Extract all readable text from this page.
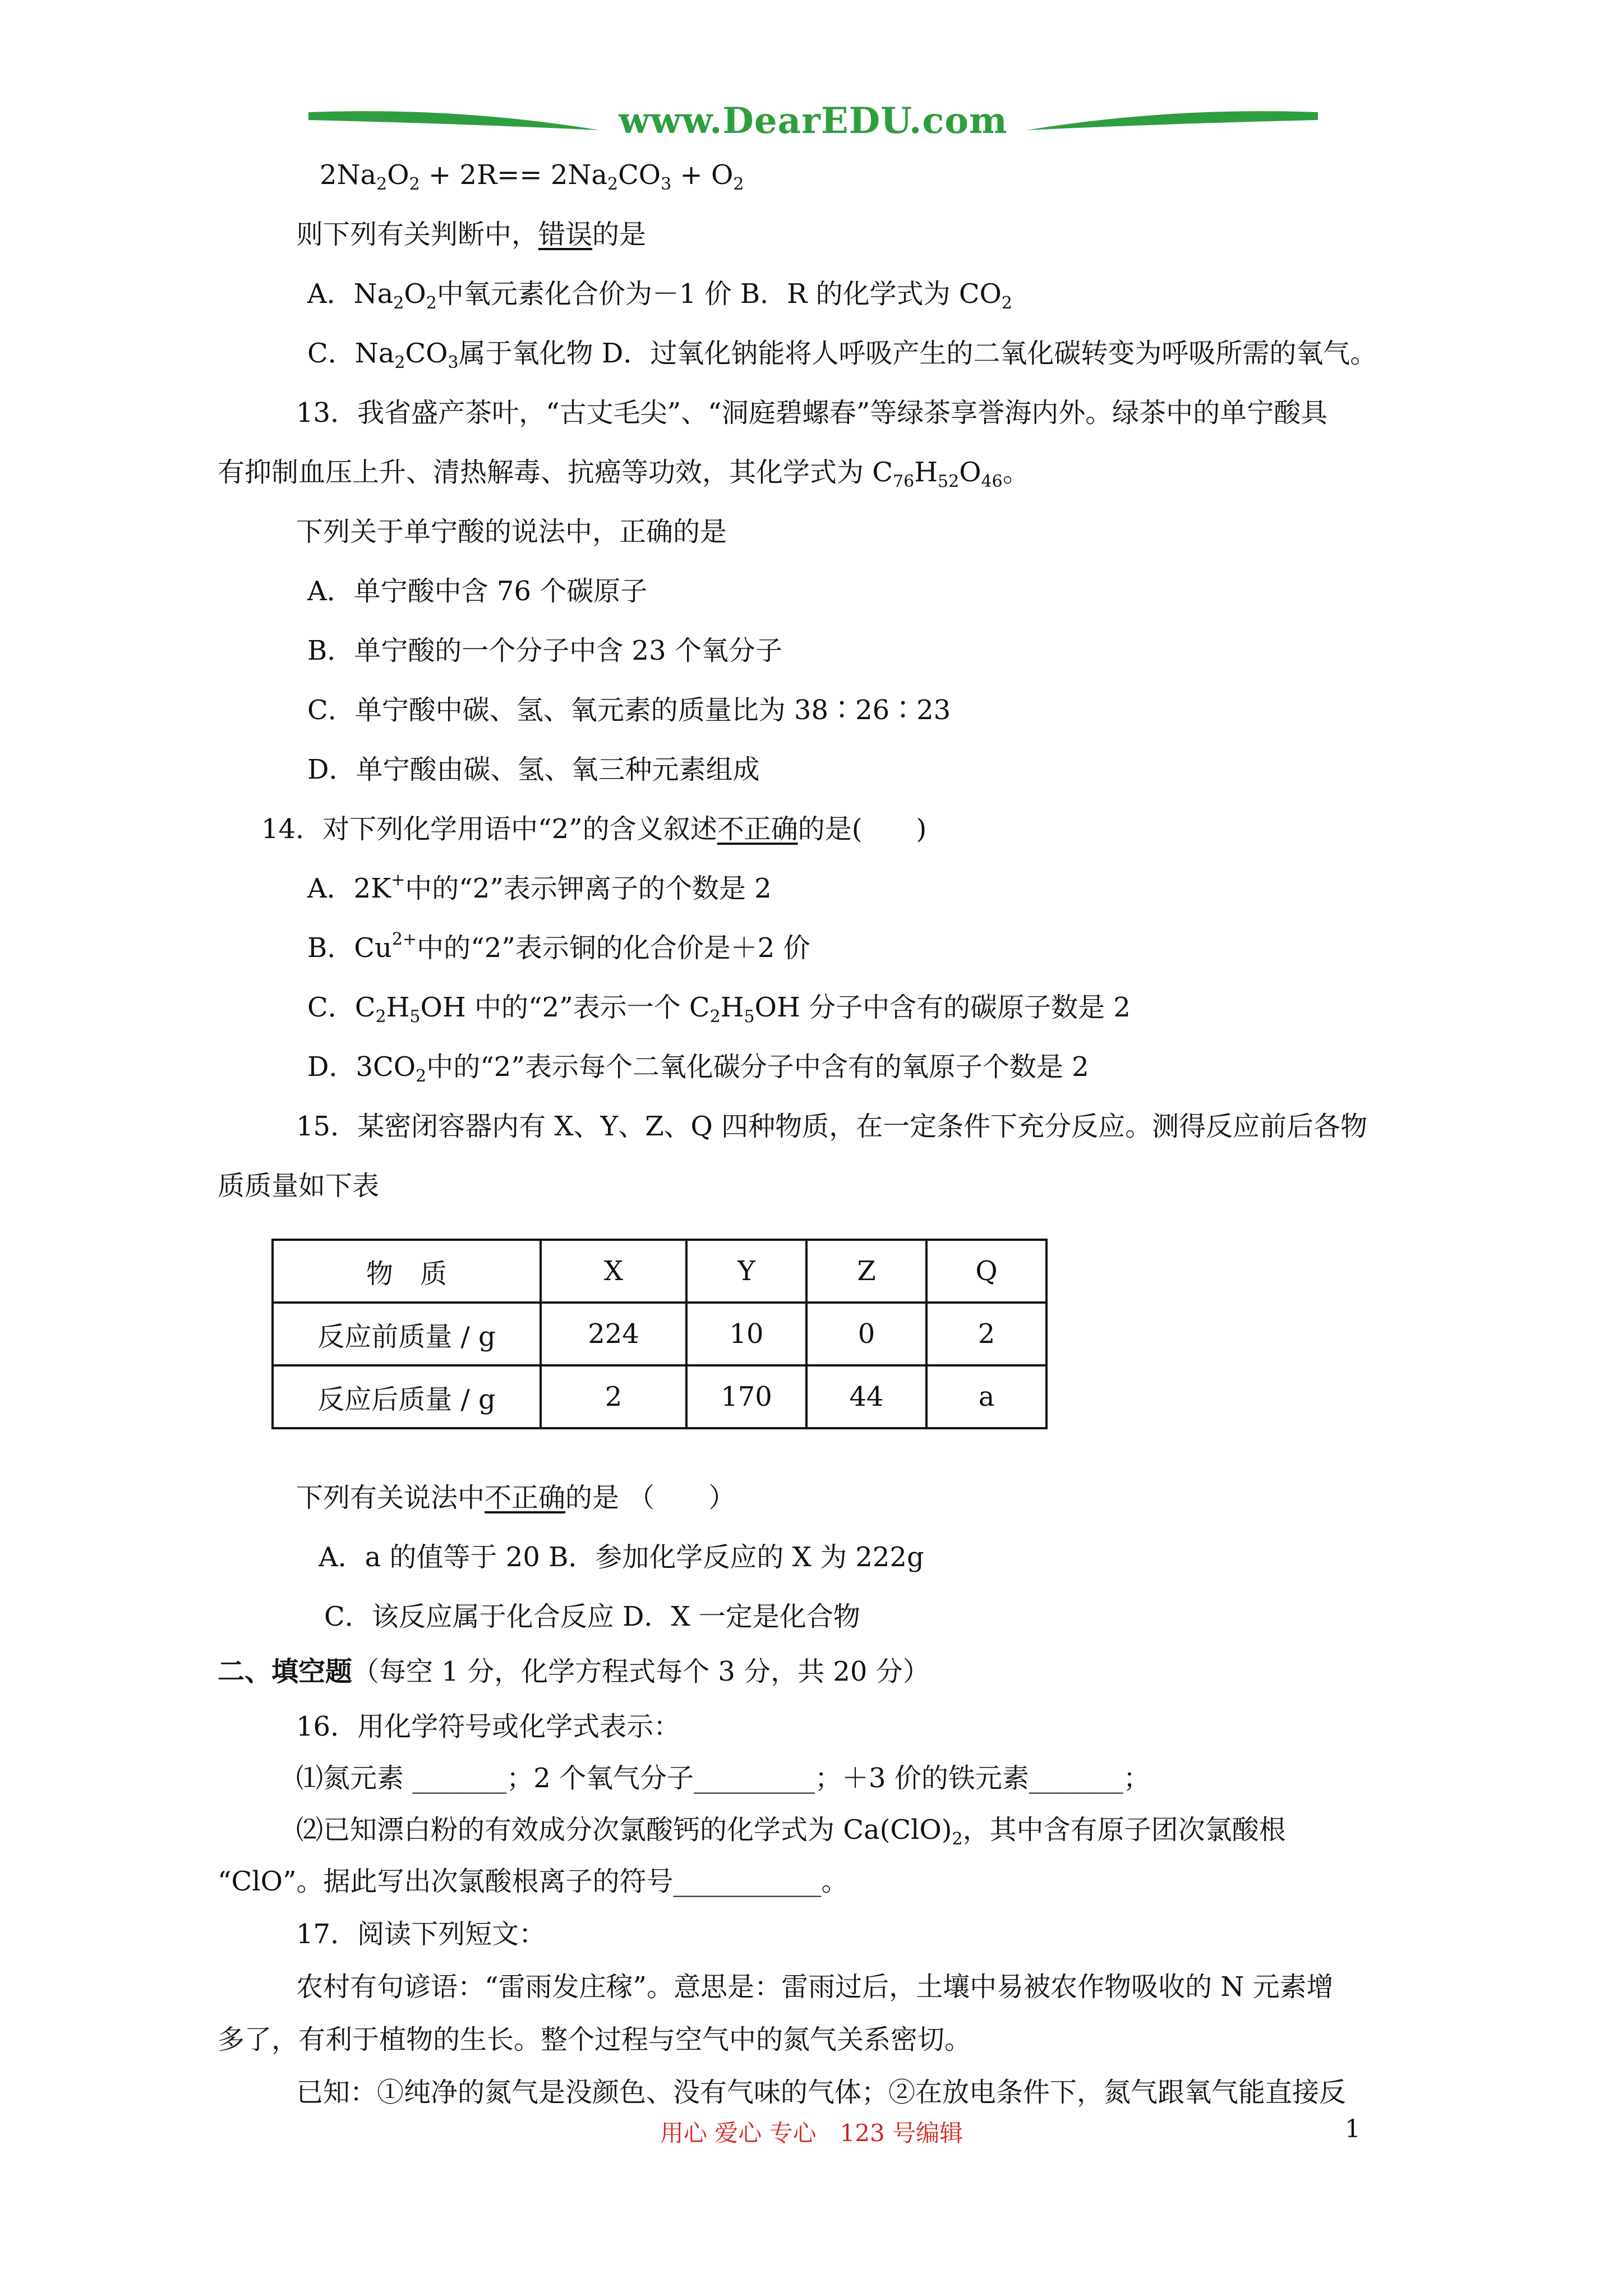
www.DearEDU.com
$2Na_2O_2 + 2R== 2Na_2CO_3 + O_2$
则下列有关判断中，错误的是
A．$Na_2O_2$中氧元素化合价为－1 价 B．R 的化学式为 $CO_2$
C．$Na_2CO_3$属于氧化物 D．过氧化钠能将人呼吸产生的二氧化碳转变为呼吸所需的氧气。
13．我省盛产茶叶，“古丈毛尖”、“洞庭碧螺春”等绿茶享誉海内外。绿茶中的单宁酸具
有抑制血压上升、清热解毒、抗癌等功效，其化学式为 $C_{76}H_{52}O_{46}$。
下列关于单宁酸的说法中，正确的是
A．单宁酸中含 76 个碳原子
B．单宁酸的一个分子中含 23 个氧分子
C．单宁酸中碳、氢、氧元素的质量比为 38∶26∶23
D．单宁酸由碳、氢、氧三种元素组成
14．对下列化学用语中“2”的含义叙述不正确的是(　　)
A．2K+中的“2”表示钾离子的个数是 2
B．$Cu^{2+}$中的“2”表示铜的化合价是＋2 价
C．$C_2H_5OH$ 中的“2”表示一个 $C_2H_5OH$ 分子中含有的碳原子数是 2
D．$3CO_2$中的“2”表示每个二氧化碳分子中含有的氧原子个数是 2
15．某密闭容器内有 X、Y、Z、Q 四种物质，在一定条件下充分反应。测得反应前后各物
质质量如下表
物　质	X	Y	Z	Q
反应前质量 / g	224	10	0	2
反应后质量 / g	2	170	44	a
下列有关说法中不正确的是 （　　）
A．a 的值等于 20 B．参加化学反应的 X 为 222g
C．该反应属于化合反应 D．X 一定是化合物
二、填空题（每空 1 分，化学方程式每个 3 分，共 20 分）
16．用化学符号或化学式表示：
⑴氮元素 _______；2 个氧气分子_________；＋3 价的铁元素_______；
⑵已知漂白粉的有效成分次氯酸钙的化学式为 $Ca(ClO)_2$，其中含有原子团次氯酸根
“ClO”。据此写出次氯酸根离子的符号___________。
17．阅读下列短文：
农村有句谚语：“雷雨发庄稼”。意思是：雷雨过后，土壤中易被农作物吸收的 N 元素增
多了，有利于植物的生长。整个过程与空气中的氮气关系密切。
已知：①纯净的氮气是没颜色、没有气味的气体；②在放电条件下，氮气跟氧气能直接反
用心 爱心 专心　123 号编辑	1
